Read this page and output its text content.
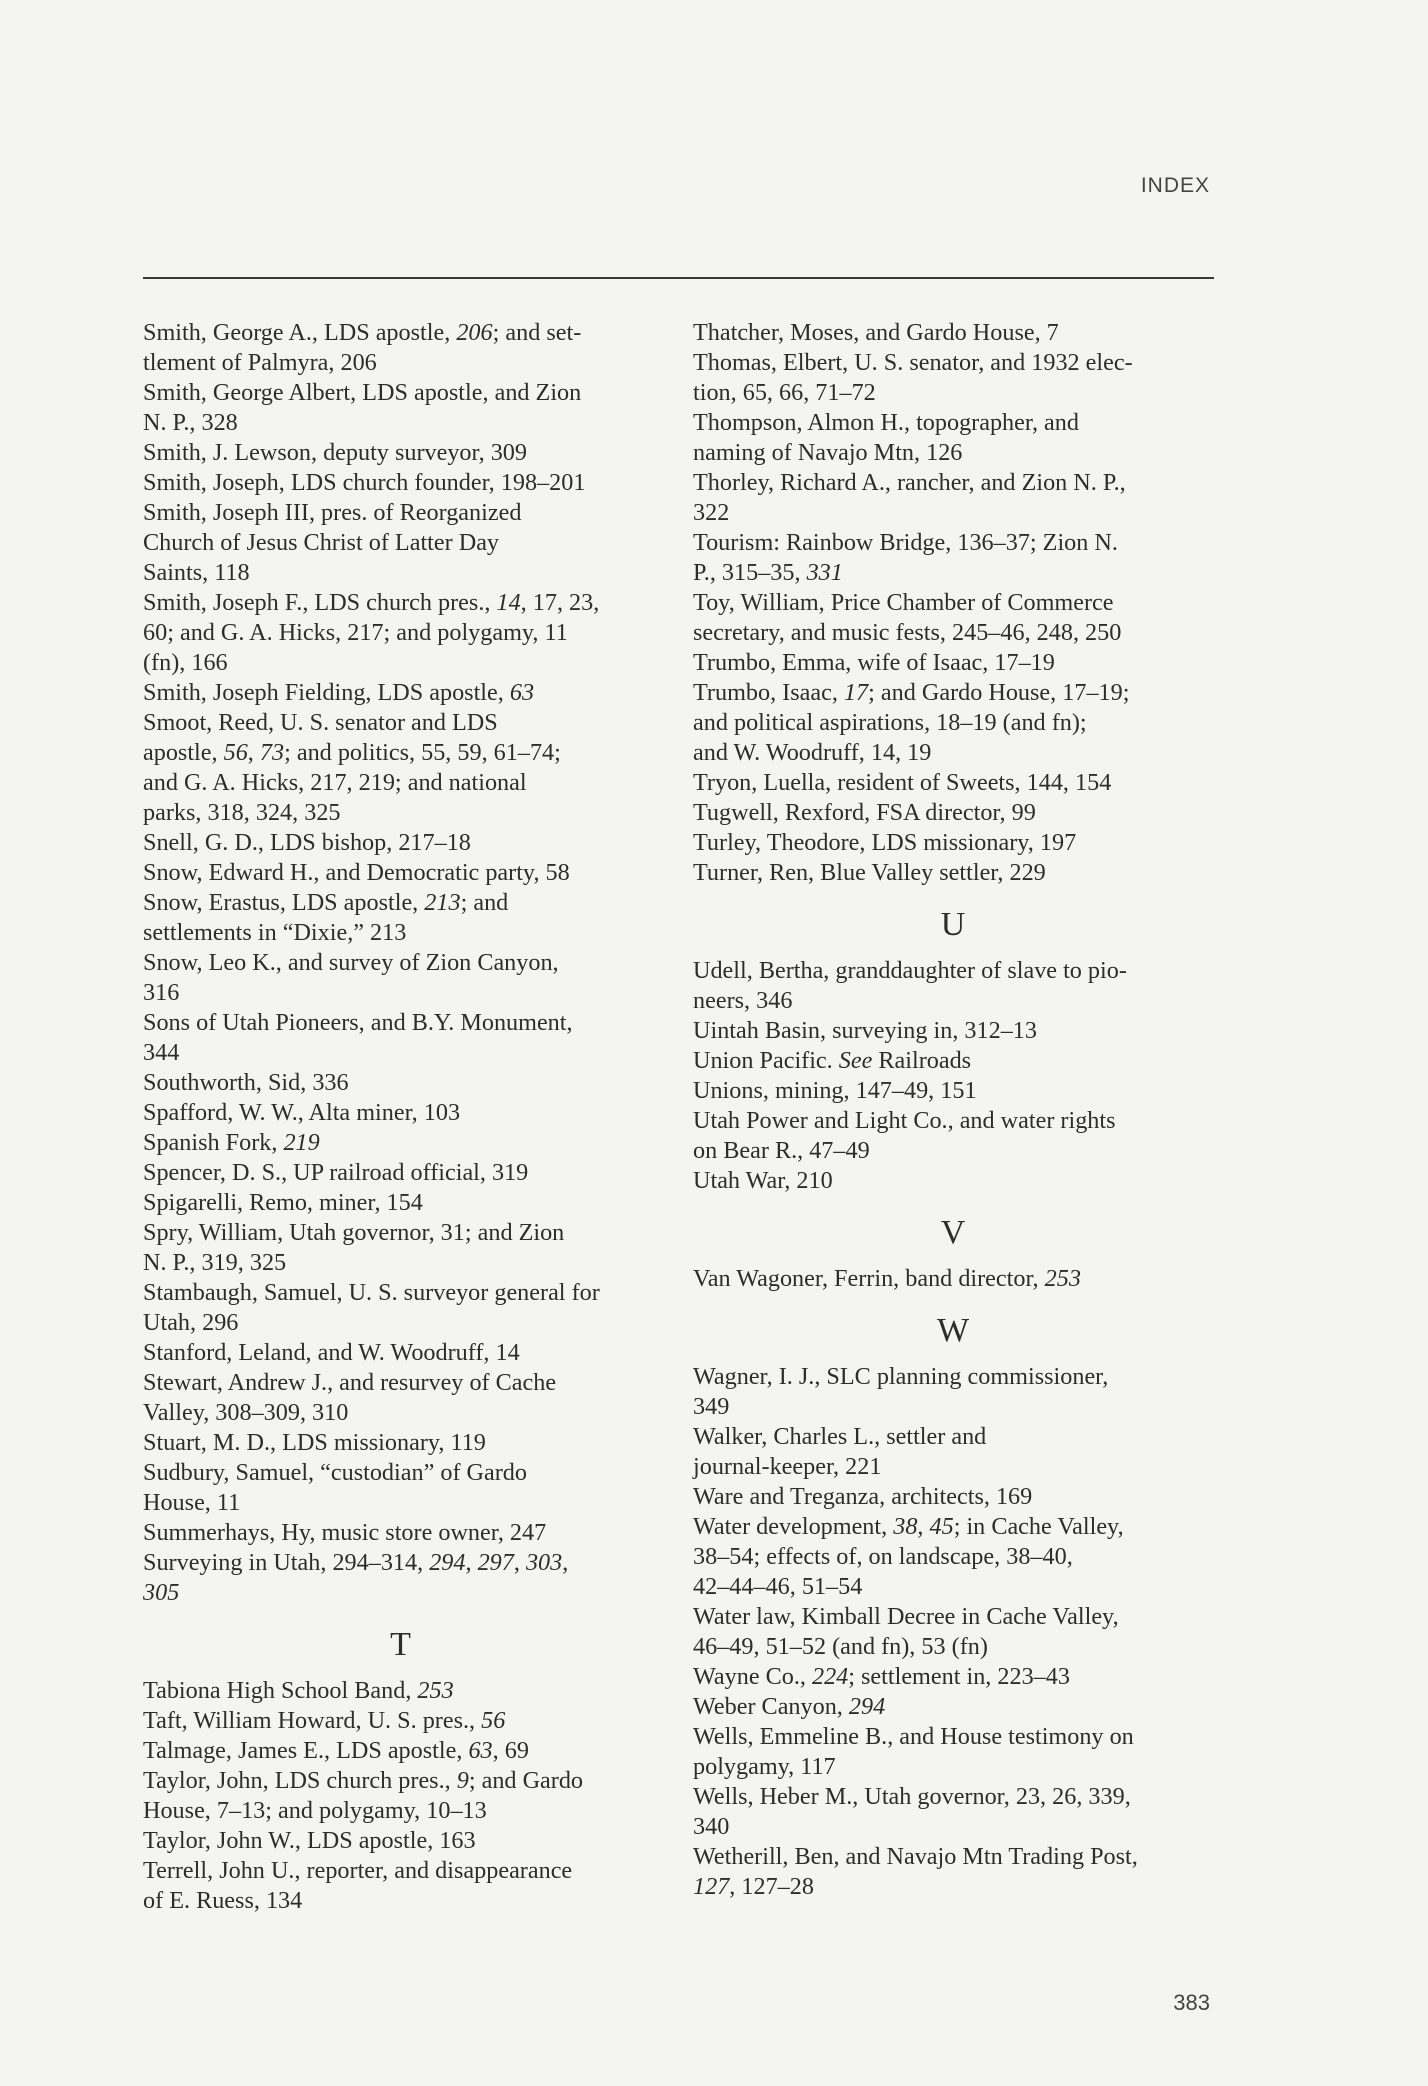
INDEX
Smith, George A., LDS apostle, 206; and set-
tlement of Palmyra, 206
Smith, George Albert, LDS apostle, and Zion
N. P., 328
Smith, J. Lewson, deputy surveyor, 309
Smith, Joseph, LDS church founder, 198–201
Smith, Joseph III, pres. of Reorganized
Church of Jesus Christ of Latter Day
Saints, 118
Smith, Joseph F., LDS church pres., 14, 17, 23,
60; and G. A. Hicks, 217; and polygamy, 11
(fn), 166
Smith, Joseph Fielding, LDS apostle, 63
Smoot, Reed, U. S. senator and LDS
apostle, 56, 73; and politics, 55, 59, 61–74;
and G. A. Hicks, 217, 219; and national
parks, 318, 324, 325
Snell, G. D., LDS bishop, 217–18
Snow, Edward H., and Democratic party, 58
Snow, Erastus, LDS apostle, 213; and
settlements in “Dixie,” 213
Snow, Leo K., and survey of Zion Canyon,
316
Sons of Utah Pioneers, and B.Y. Monument,
344
Southworth, Sid, 336
Spafford, W. W., Alta miner, 103
Spanish Fork, 219
Spencer, D. S., UP railroad official, 319
Spigarelli, Remo, miner, 154
Spry, William, Utah governor, 31; and Zion
N. P., 319, 325
Stambaugh, Samuel, U. S. surveyor general for
Utah, 296
Stanford, Leland, and W. Woodruff, 14
Stewart, Andrew J., and resurvey of Cache
Valley, 308–309, 310
Stuart, M. D., LDS missionary, 119
Sudbury, Samuel, “custodian” of Gardo
House, 11
Summerhays, Hy, music store owner, 247
Surveying in Utah, 294–314, 294, 297, 303,
305
T
Tabiona High School Band, 253
Taft, William Howard, U. S. pres., 56
Talmage, James E., LDS apostle, 63, 69
Taylor, John, LDS church pres., 9; and Gardo
House, 7–13; and polygamy, 10–13
Taylor, John W., LDS apostle, 163
Terrell, John U., reporter, and disappearance
of E. Ruess, 134
Thatcher, Moses, and Gardo House, 7
Thomas, Elbert, U. S. senator, and 1932 elec-
tion, 65, 66, 71–72
Thompson, Almon H., topographer, and
naming of Navajo Mtn, 126
Thorley, Richard A., rancher, and Zion N. P.,
322
Tourism: Rainbow Bridge, 136–37; Zion N.
P., 315–35, 331
Toy, William, Price Chamber of Commerce
secretary, and music fests, 245–46, 248, 250
Trumbo, Emma, wife of Isaac, 17–19
Trumbo, Isaac, 17; and Gardo House, 17–19;
and political aspirations, 18–19 (and fn);
and W. Woodruff, 14, 19
Tryon, Luella, resident of Sweets, 144, 154
Tugwell, Rexford, FSA director, 99
Turley, Theodore, LDS missionary, 197
Turner, Ren, Blue Valley settler, 229
U
Udell, Bertha, granddaughter of slave to pio-
neers, 346
Uintah Basin, surveying in, 312–13
Union Pacific. See Railroads
Unions, mining, 147–49, 151
Utah Power and Light Co., and water rights
on Bear R., 47–49
Utah War, 210
V
Van Wagoner, Ferrin, band director, 253
W
Wagner, I. J., SLC planning commissioner,
349
Walker, Charles L., settler and
journal-keeper, 221
Ware and Treganza, architects, 169
Water development, 38, 45; in Cache Valley,
38–54; effects of, on landscape, 38–40,
42–44–46, 51–54
Water law, Kimball Decree in Cache Valley,
46–49, 51–52 (and fn), 53 (fn)
Wayne Co., 224; settlement in, 223–43
Weber Canyon, 294
Wells, Emmeline B., and House testimony on
polygamy, 117
Wells, Heber M., Utah governor, 23, 26, 339,
340
Wetherill, Ben, and Navajo Mtn Trading Post,
127, 127–28
383
